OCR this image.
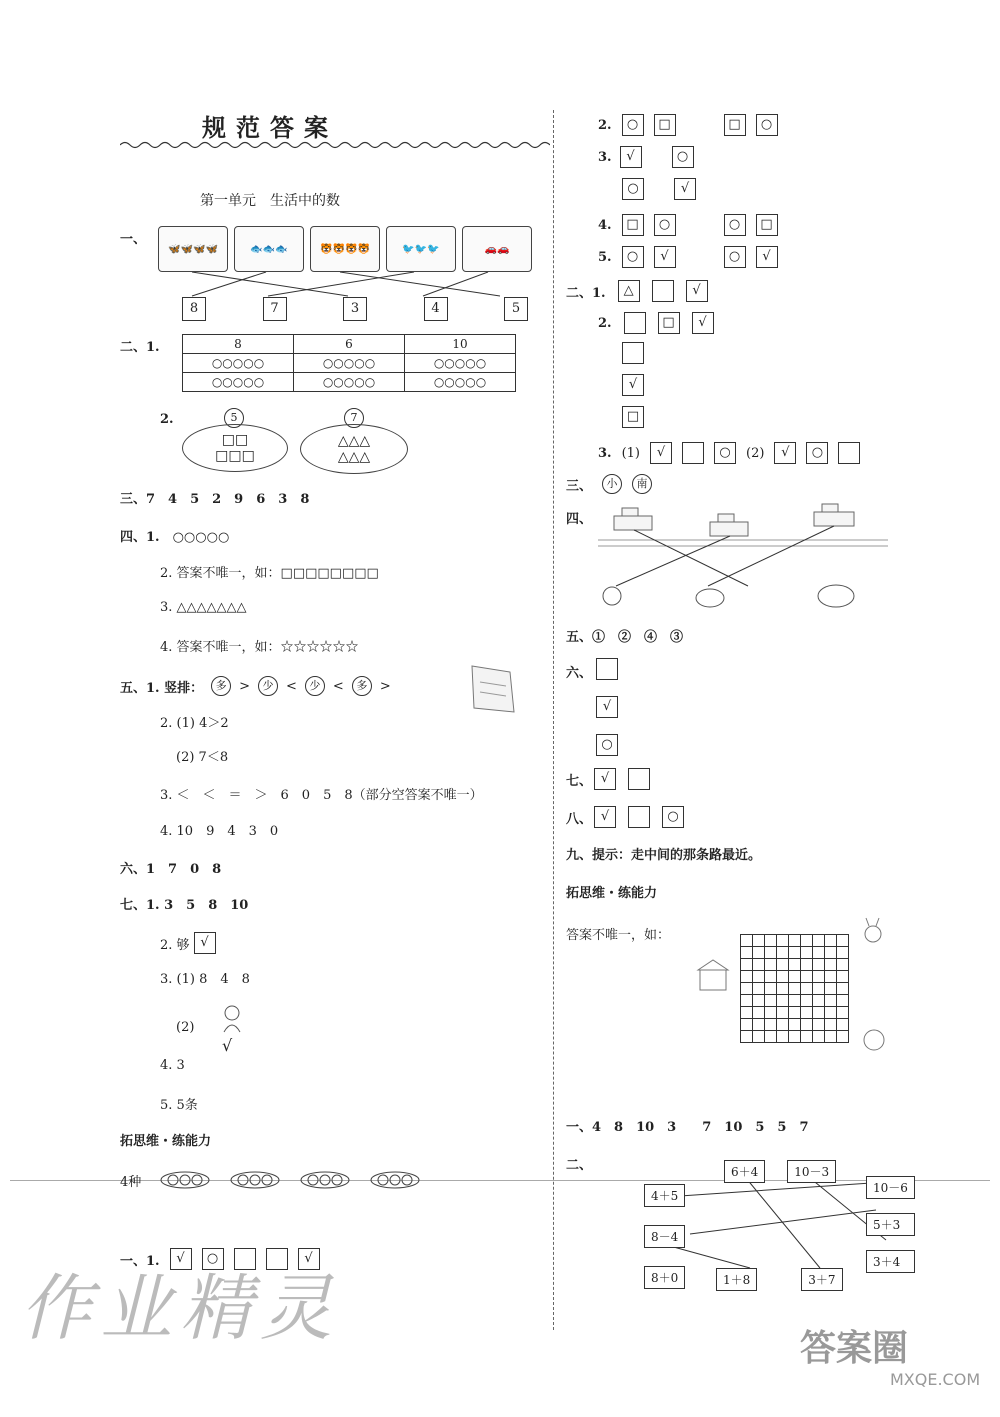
规范答案
第一单元　生活中的数
一、
🦋🦋🦋🦋	🐟🐟🐟	🐯🐯🐯🐯	🐦🐦🐦	🚗🚗
8	7	3	4	5
二、1.	8	6	10
○○○○○	○○○○○	○○○○○
○○○○○	○○○○○	○○○○○
2.	5
□□
□□□
7
△△△
△△△
三、7　4　5　2　9　6　3　8
四、1.　○○○○○
2. 答案不唯一，如：□□□□□□□□
3. △△△△△△△
4. 答案不唯一，如：☆☆☆☆☆☆
五、1. 竖排：	多 >	少 <	少 <	多 >
2. (1) 4＞2
(2) 7＜8
3. ＜　＜　＝　＞　6　0　5　8（部分空答案不唯一）
4. 10　9　4　3　0
六、1　7　0　8
七、1. 3　5　8　10
2. 够 √
3. (1) 8　4　8
(2)
√
4. 3
5. 5条
拓思维・练能力
4种
一、1.	√	○	√
2.	○	□	□	○
3.	√	○
○	√
4.	□	○	○	□
5.	○	√	○	√
二、1.	△	√
2.	□	√
√
□
3. (1)	√	○	(2)	√	○
三、	小	南
四、
五、①　②　④　③
六、
√
○
七、 √
八、 √	○
九、提示：走中间的那条路最近。
拓思维・练能力
答案不唯一，如：

一、4　8　10　3　　7　10　5　5　7
二、	6＋4	10－3
4＋5
8－4
8＋0
10－6
5＋3
3＋4
1＋8	3＋7
作业精灵	答案圈
MXQE.COM
